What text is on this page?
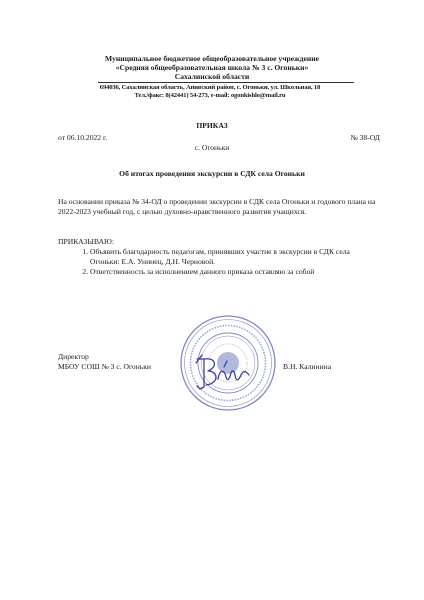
Муниципальное бюджетное общеобразовательное учреждение
«Средняя общеобразовательная школа № 3 с. Огоньки»
Сахалинской области
694036, Сахалинская область, Анивский район, с. Огоньки, ул. Школьная, 18
Тел./факс: 8(42441) 54-273, e-mail: ogonkishlo@mail.ru
ПРИКАЗ
от 06.10.2022 г.	№ 38-ОД
с. Огоньки
Об итогах проведения экскурсии в СДК села Огоньки
На основании приказа № 34-ОД о проведении экскурсии в СДК села Огоньки и годового плана на 2022-2023 учебный год, с целью духовно-нравственного развития учащихся.
ПРИКАЗЫВАЮ:
1. Объявить благодарность педагогам, принявших участие в экскурсии в СДК села Огоньки: Е.А. Унинец, Д.Н. Черновой.
2. Ответственность за исполнением данного приказа оставляю за собой
Директор
МБОУ СОШ № 3 с. Огоньки	В.Н. Калинина
